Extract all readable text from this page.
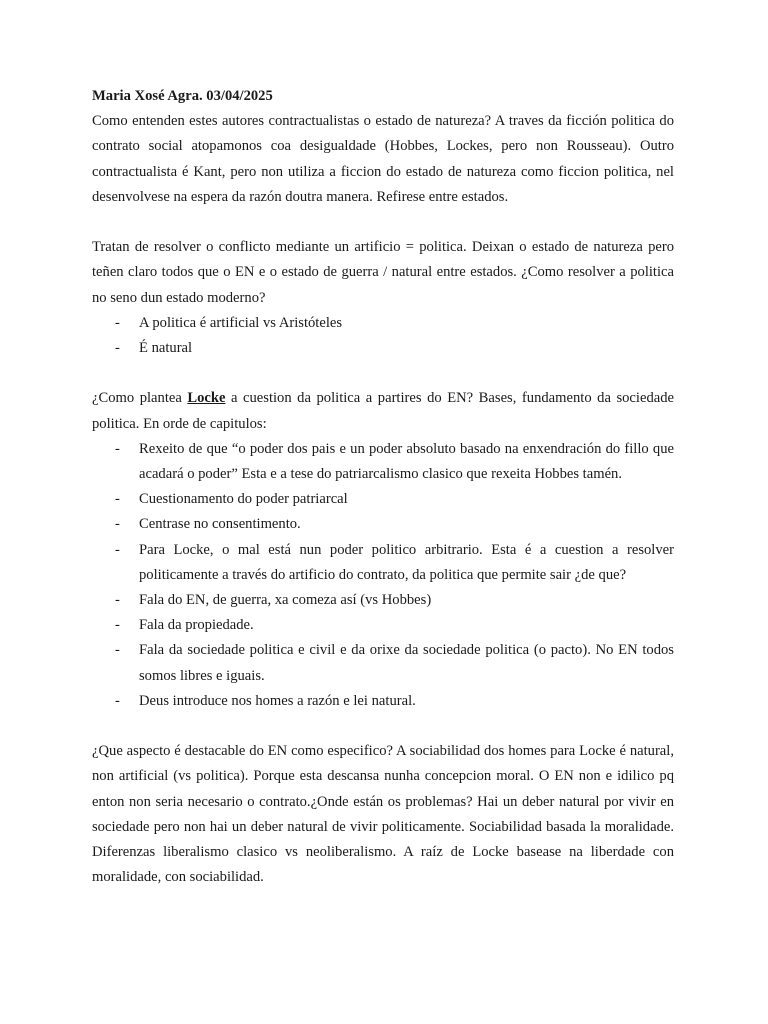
Maria Xosé Agra. 03/04/2025

Como entenden estes autores contractualistas o estado de natureza? A traves da ficción politica do contrato social atopamonos coa desigualdade (Hobbes, Lockes, pero non Rousseau). Outro contractualista é Kant, pero non utiliza a ficcion do estado de natureza como ficcion politica, nel desenvolvese na espera da razón doutra manera. Refirese entre estados.

Tratan de resolver o conflicto mediante un artificio = politica. Deixan o estado de natureza pero teñen claro todos que o EN e o estado de guerra / natural entre estados. ¿Como resolver a politica no seno dun estado moderno?

- A politica é artificial vs Aristóteles
- É natural

¿Como plantea Locke a cuestion da politica a partires do EN? Bases, fundamento da sociedade politica. En orde de capitulos:

- Rexeito de que “o poder dos pais e un poder absoluto basado na enxendración do fillo que acadará o poder” Esta e a tese do patriarcalismo clasico que rexeita Hobbes tamén.
- Cuestionamento do poder patriarcal
- Centrase no consentimento.
- Para Locke, o mal está nun poder politico arbitrario. Esta é a cuestion a resolver politicamente a través do artificio do contrato, da politica que permite sair ¿de que?
- Fala do EN, de guerra, xa comeza así (vs Hobbes)
- Fala da propiedade.
- Fala da sociedade politica e civil e da orixe da sociedade politica (o pacto). No EN todos somos libres e iguais.
- Deus introduce nos homes a razón e lei natural.

¿Que aspecto é destacable do EN como especifico? A sociabilidad dos homes para Locke é natural, non artificial (vs politica). Porque esta descansa nunha concepcion moral. O EN non e idilico pq enton non seria necesario o contrato.¿Onde están os problemas? Hai un deber natural por vivir en sociedade pero non hai un deber natural de vivir politicamente. Sociabilidad basada la moralidade. Diferenzas liberalismo clasico vs neoliberalismo. A raíz de Locke basease na liberdade con moralidade, con sociabilidad.
